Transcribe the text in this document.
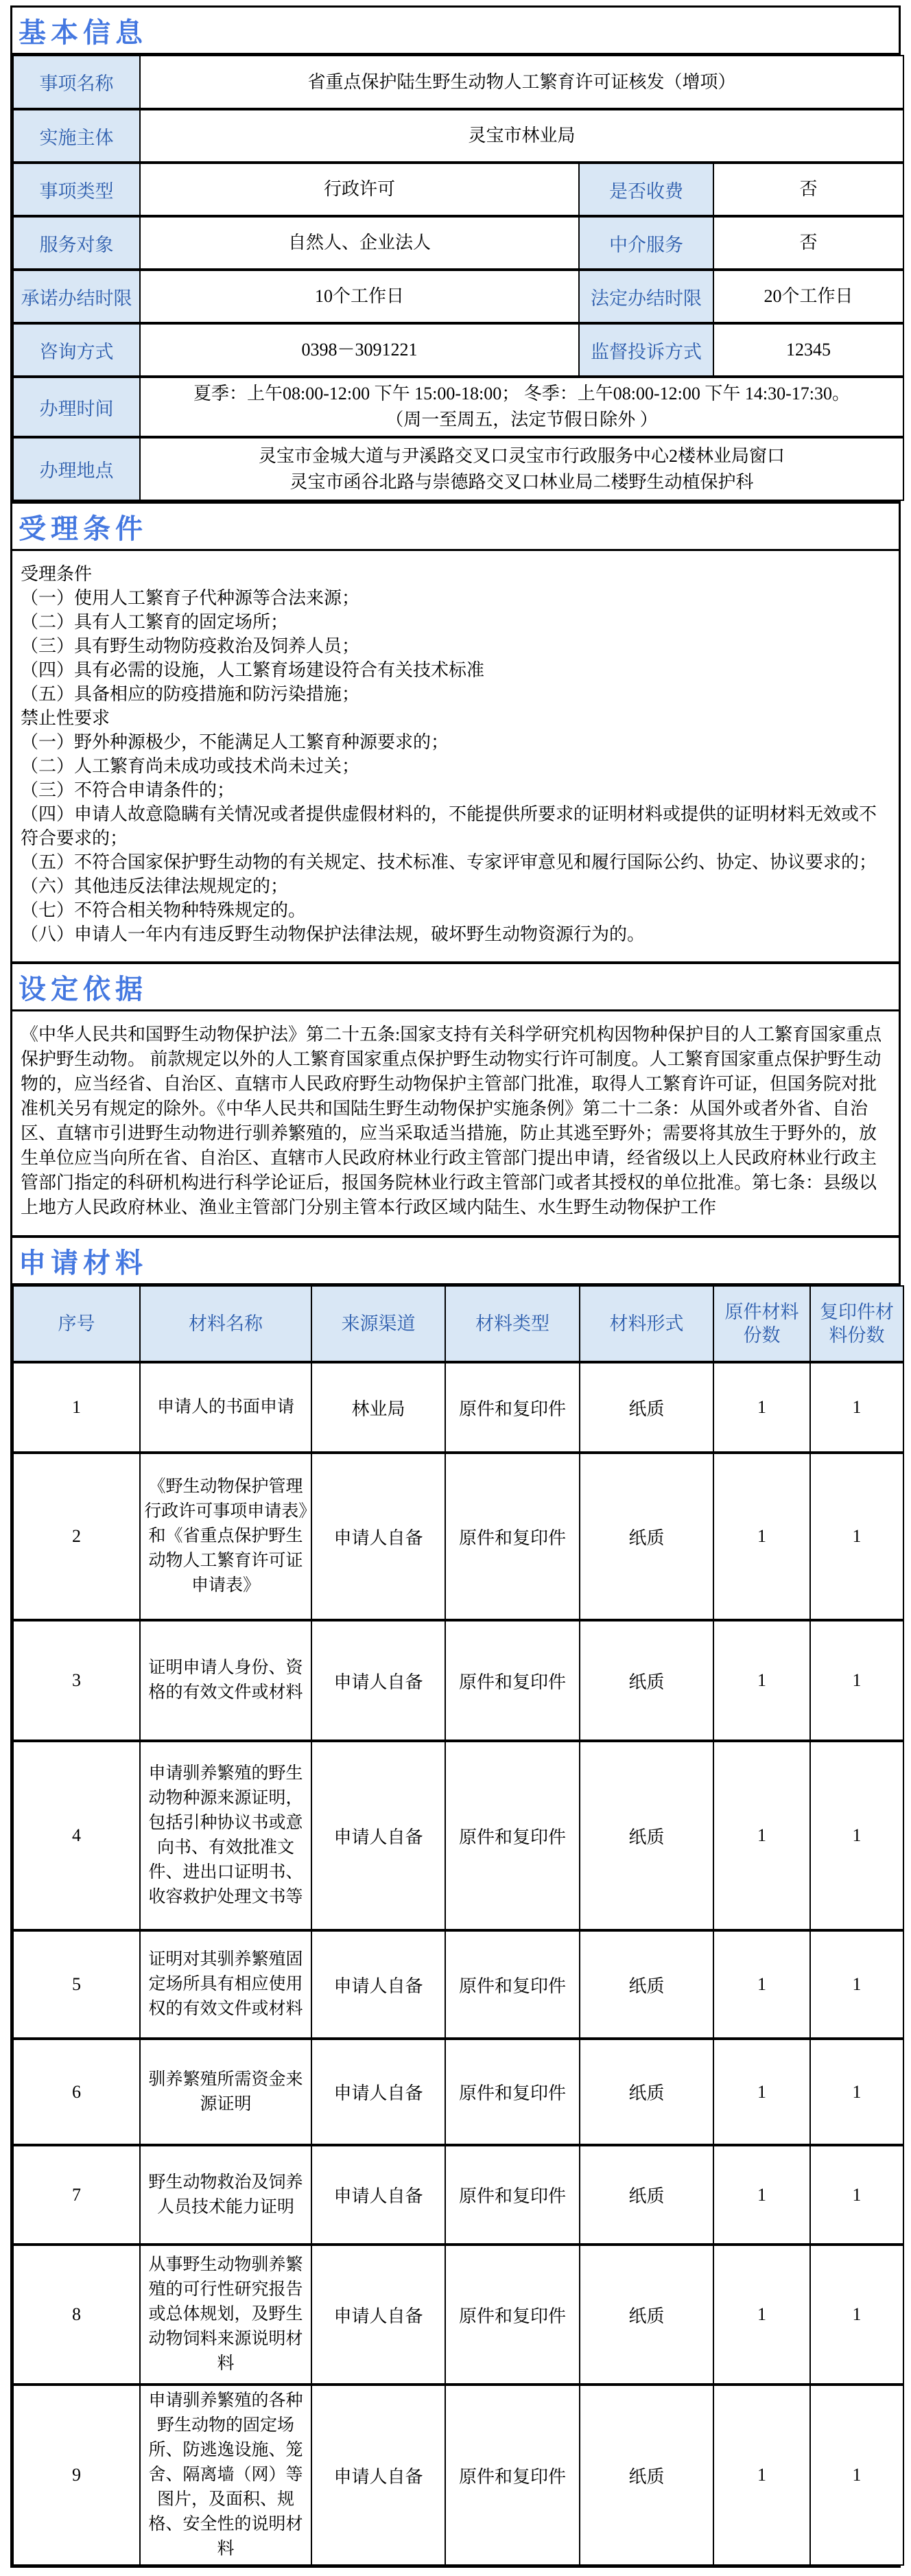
基本信息
事项名称	省重点保护陆生野生动物人工繁育许可证核发（增项）		
实施主体	灵宝市林业局		
事项类型	行政许可	是否收费	否
服务对象	自然人、企业法人	中介服务	否
承诺办结时限	10个工作日	法定办结时限	20个工作日
咨询方式	0398－3091221	监督投诉方式	12345
办理时间	夏季：上午08:00-12:00 下午 15:00-18:00； 冬季：上午08:00-12:00 下午 14:30-17:30。
（周一至周五，法定节假日除外 ）		
办理地点	灵宝市金城大道与尹溪路交叉口灵宝市行政服务中心2楼林业局窗口
灵宝市函谷北路与崇德路交叉口林业局二楼野生动植保护科		
受理条件
受理条件
（一）使用人工繁育子代种源等合法来源；
（二）具有人工繁育的固定场所；
（三）具有野生动物防疫救治及饲养人员；
（四）具有必需的设施，人工繁育场建设符合有关技术标准
（五）具备相应的防疫措施和防污染措施；
禁止性要求
（一）野外种源极少，不能满足人工繁育种源要求的；
（二）人工繁育尚未成功或技术尚未过关；
（三）不符合申请条件的；
（四）申请人故意隐瞒有关情况或者提供虚假材料的，不能提供所要求的证明材料或提供的证明材料无效或不符合要求的；
（五）不符合国家保护野生动物的有关规定、技术标准、专家评审意见和履行国际公约、协定、协议要求的；
（六）其他违反法律法规规定的；
（七）不符合相关物种特殊规定的。
（八）申请人一年内有违反野生动物保护法律法规，破坏野生动物资源行为的。
设定依据
《中华人民共和国野生动物保护法》第二十五条:国家支持有关科学研究机构因物种保护目的人工繁育国家重点保护野生动物。 前款规定以外的人工繁育国家重点保护野生动物实行许可制度。人工繁育国家重点保护野生动物的，应当经省、自治区、直辖市人民政府野生动物保护主管部门批准，取得人工繁育许可证，但国务院对批准机关另有规定的除外。《中华人民共和国陆生野生动物保护实施条例》第二十二条：从国外或者外省、自治区、直辖市引进野生动物进行驯养繁殖的，应当采取适当措施，防止其逃至野外；需要将其放生于野外的，放生单位应当向所在省、自治区、直辖市人民政府林业行政主管部门提出申请，经省级以上人民政府林业行政主管部门指定的科研机构进行科学论证后，报国务院林业行政主管部门或者其授权的单位批准。第七条：县级以上地方人民政府林业、渔业主管部门分别主管本行政区域内陆生、水生野生动物保护工作
申请材料
序号	材料名称	来源渠道	材料类型	材料形式	原件材料份数	复印件材料份数
1	申请人的书面申请	林业局	原件和复印件	纸质	1	1
2	《野生动物保护管理行政许可事项申请表》和《省重点保护野生动物人工繁育许可证申请表》	申请人自备	原件和复印件	纸质	1	1
3	证明申请人身份、资格的有效文件或材料	申请人自备	原件和复印件	纸质	1	1
4	申请驯养繁殖的野生动物种源来源证明，包括引种协议书或意向书、有效批准文件、进出口证明书、收容救护处理文书等	申请人自备	原件和复印件	纸质	1	1
5	证明对其驯养繁殖固定场所具有相应使用权的有效文件或材料	申请人自备	原件和复印件	纸质	1	1
6	驯养繁殖所需资金来源证明	申请人自备	原件和复印件	纸质	1	1
7	野生动物救治及饲养人员技术能力证明	申请人自备	原件和复印件	纸质	1	1
8	从事野生动物驯养繁殖的可行性研究报告或总体规划，及野生动物饲料来源说明材料	申请人自备	原件和复印件	纸质	1	1
9	申请驯养繁殖的各种野生动物的固定场所、防逃逸设施、笼舍、隔离墙（网）等图片，及面积、规格、安全性的说明材料	申请人自备	原件和复印件	纸质	1	1
